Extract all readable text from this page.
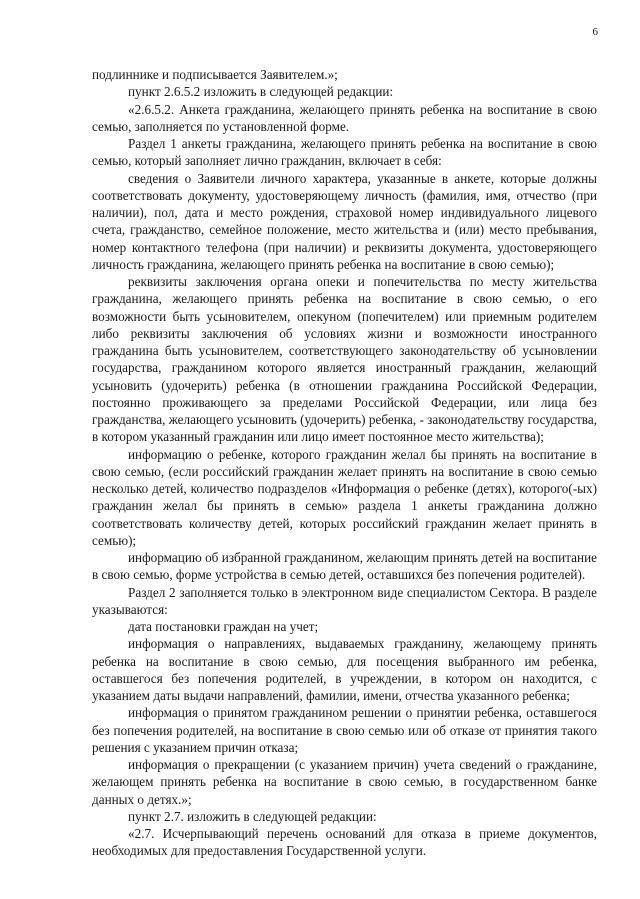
6

подлиннике и подписывается Заявителем.»;

пункт 2.6.5.2 изложить в следующей редакции:

«2.6.5.2. Анкета гражданина, желающего принять ребенка на воспитание в свою семью, заполняется по установленной форме.

Раздел 1 анкеты гражданина, желающего принять ребенка на воспитание в свою семью, который заполняет лично гражданин, включает в себя:

сведения о Заявители личного характера, указанные в анкете, которые должны соответствовать документу, удостоверяющему личность (фамилия, имя, отчество (при наличии), пол, дата и место рождения, страховой номер индивидуального лицевого счета, гражданство, семейное положение, место жительства и (или) место пребывания, номер контактного телефона (при наличии) и реквизиты документа, удостоверяющего личность гражданина, желающего принять ребенка на воспитание в свою семью);

реквизиты заключения органа опеки и попечительства по месту жительства гражданина, желающего принять ребенка на воспитание в свою семью, о его возможности быть усыновителем, опекуном (попечителем) или приемным родителем либо реквизиты заключения об условиях жизни и возможности иностранного гражданина быть усыновителем, соответствующего законодательству об усыновлении государства, гражданином которого является иностранный гражданин, желающий усыновить (удочерить) ребенка (в отношении гражданина Российской Федерации, постоянно проживающего за пределами Российской Федерации, или лица без гражданства, желающего усыновить (удочерить) ребенка, - законодательству государства, в котором указанный гражданин или лицо имеет постоянное место жительства);

информацию о ребенке, которого гражданин желал бы принять на воспитание в свою семью, (если российский гражданин желает принять на воспитание в свою семью несколько детей, количество подразделов «Информация о ребенке (детях), которого(-ых) гражданин желал бы принять в семью» раздела 1 анкеты гражданина должно соответствовать количеству детей, которых российский гражданин желает принять в семью);

информацию об избранной гражданином, желающим принять детей на воспитание в свою семью, форме устройства в семью детей, оставшихся без попечения родителей).

Раздел 2 заполняется только в электронном виде специалистом Сектора. В разделе указываются:

дата постановки граждан на учет;

информация о направлениях, выдаваемых гражданину, желающему принять ребенка на воспитание в свою семью, для посещения выбранного им ребенка, оставшегося без попечения родителей, в учреждении, в котором он находится, с указанием даты выдачи направлений, фамилии, имени, отчества указанного ребенка;

информация о принятом гражданином решении о принятии ребенка, оставшегося без попечения родителей, на воспитание в свою семью или об отказе от принятия такого решения с указанием причин отказа;

информация о прекращении (с указанием причин) учета сведений о гражданине, желающем принять ребенка на воспитание в свою семью, в государственном банке данных о детях.»;

пункт 2.7. изложить в следующей редакции:

«2.7. Исчерпывающий перечень оснований для отказа в приеме документов, необходимых для предоставления Государственной услуги.
